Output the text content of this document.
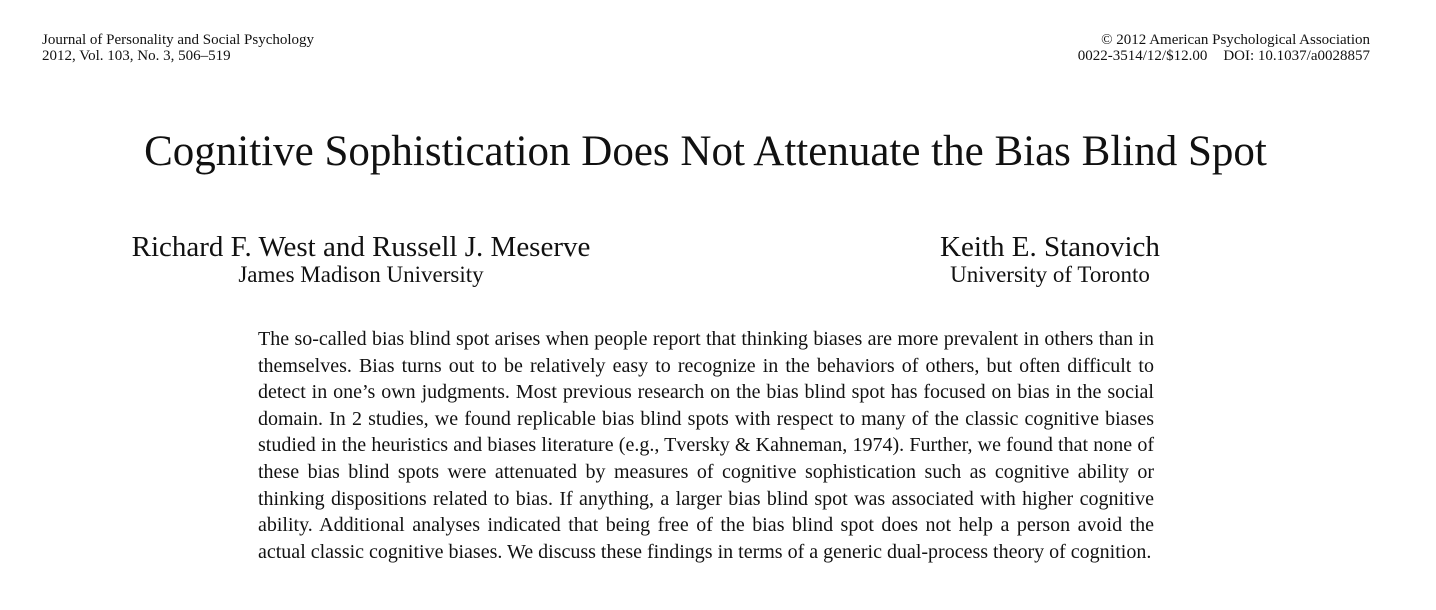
Journal of Personality and Social Psychology
2012, Vol. 103, No. 3, 506–519
© 2012 American Psychological Association
0022-3514/12/$12.00 DOI: 10.1037/a0028857
Cognitive Sophistication Does Not Attenuate the Bias Blind Spot
Richard F. West and Russell J. Meserve
James Madison University
Keith E. Stanovich
University of Toronto

The so-called bias blind spot arises when people report that thinking biases are more prevalent in others than in themselves. Bias turns out to be relatively easy to recognize in the behaviors of others, but often difficult to detect in one’s own judgments. Most previous research on the bias blind spot has focused on bias in the social domain. In 2 studies, we found replicable bias blind spots with respect to many of the classic cognitive biases studied in the heuristics and biases literature (e.g., Tversky & Kahneman, 1974). Further, we found that none of these bias blind spots were attenuated by measures of cognitive sophistication such as cognitive ability or thinking dispositions related to bias. If anything, a larger bias blind spot was associated with higher cognitive ability. Additional analyses indicated that being free of the bias blind spot does not help a person avoid the actual classic cognitive biases. We discuss these findings in terms of a generic dual-process theory of cognition.
